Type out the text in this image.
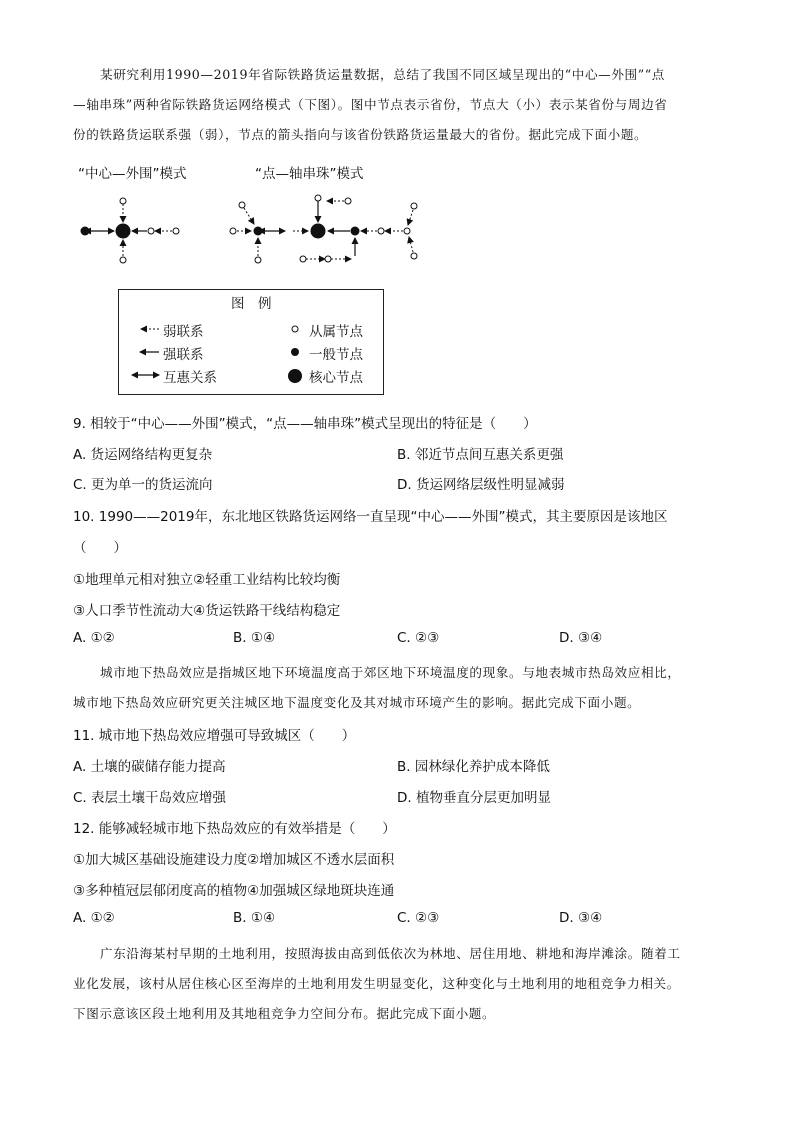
某研究利用1990—2019年省际铁路货运量数据，总结了我国不同区域呈现出的“中心—外围”“点
—轴串珠”两种省际铁路货运网络模式（下图）。图中节点表示省份，节点大（小）表示某省份与周边省
份的铁路货运联系强（弱），节点的箭头指向与该省份铁路货运量最大的省份。据此完成下面小题。
“中心—外围”模式	“点—轴串珠”模式
图　例
弱联系
强联系
互惠关系
从属节点
一般节点
核心节点
9. 相较于“中心——外围”模式，“点——轴串珠”模式呈现出的特征是（　　）
A. 货运网络结构更复杂	B. 邻近节点间互惠关系更强
C. 更为单一的货运流向	D. 货运网络层级性明显减弱
10. 1990——2019年，东北地区铁路货运网络一直呈现“中心——外围”模式，其主要原因是该地区
（　　）
①地理单元相对独立②轻重工业结构比较均衡
③人口季节性流动大④货运铁路干线结构稳定
A. ①②	B. ①④	C. ②③	D. ③④
城市地下热岛效应是指城区地下环境温度高于郊区地下环境温度的现象。与地表城市热岛效应相比，
城市地下热岛效应研究更关注城区地下温度变化及其对城市环境产生的影响。据此完成下面小题。
11. 城市地下热岛效应增强可导致城区（　　）
A. 土壤的碳储存能力提高	B. 园林绿化养护成本降低
C. 表层土壤干岛效应增强	D. 植物垂直分层更加明显
12. 能够减轻城市地下热岛效应的有效举措是（　　）
①加大城区基础设施建设力度②增加城区不透水层面积
③多种植冠层郁闭度高的植物④加强城区绿地斑块连通
A. ①②	B. ①④	C. ②③	D. ③④
广东沿海某村早期的土地利用，按照海拔由高到低依次为林地、居住用地、耕地和海岸滩涂。随着工
业化发展，该村从居住核心区至海岸的土地利用发生明显变化，这种变化与土地利用的地租竞争力相关。
下图示意该区段土地利用及其地租竞争力空间分布。据此完成下面小题。
